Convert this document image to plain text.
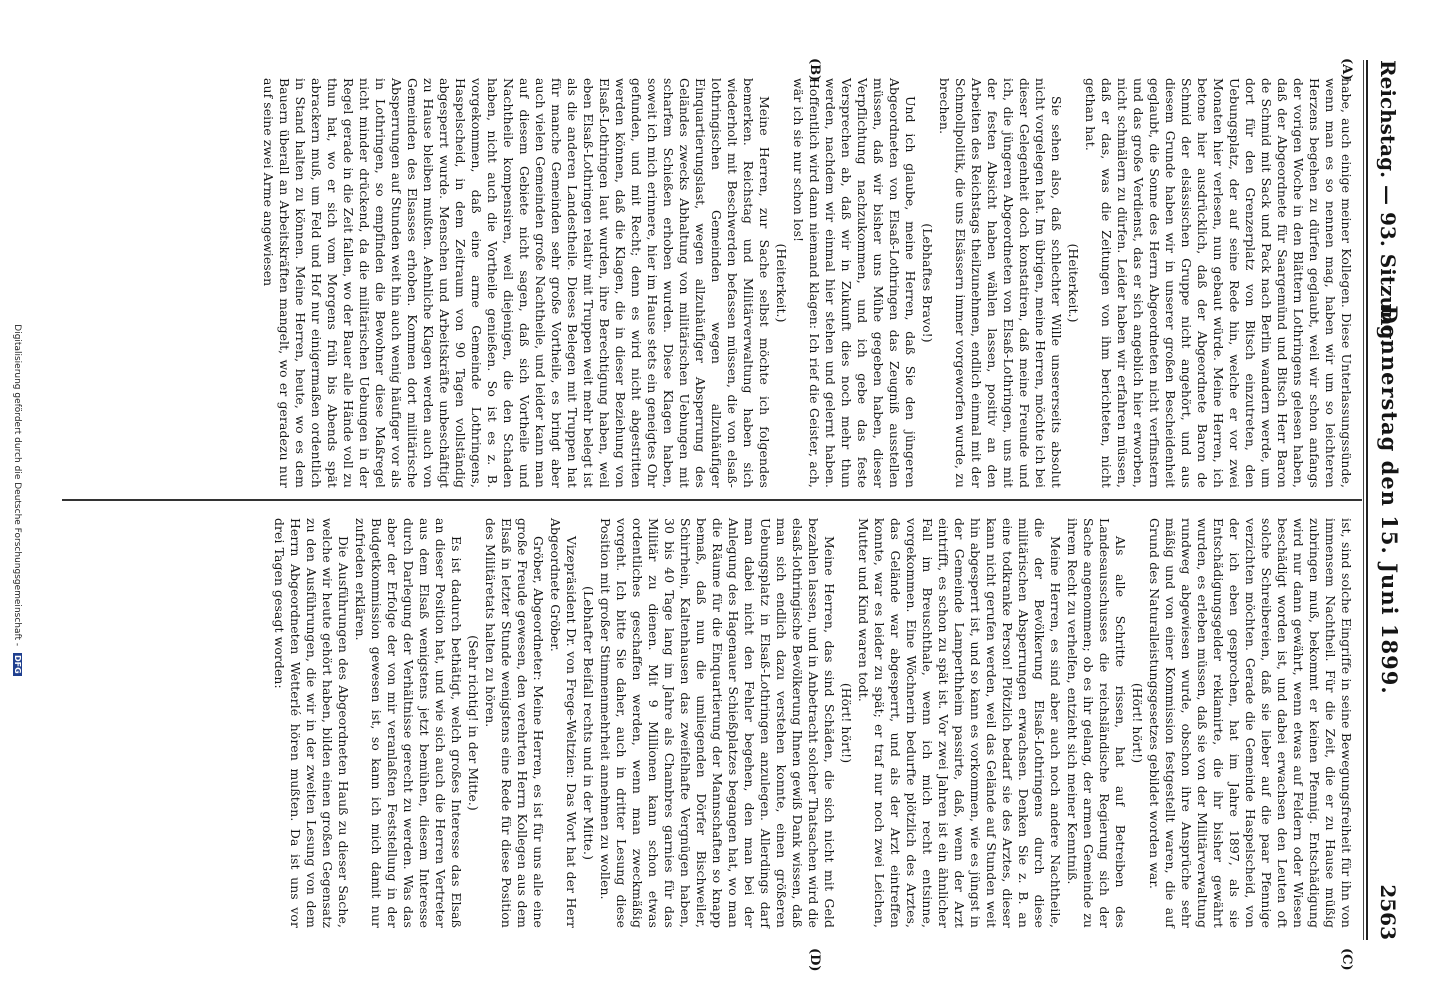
Reichstag. — 93. Sitzung.
Donnerstag den 15. Juni 1899.
2563
(A)
(B)
(C)
(D)

habe, auch einige meiner Kollegen. Diese Unterlassungssünde, wenn man es so nennen mag, haben wir um so leichteren Herzens begehen zu dürfen geglaubt, weil wir schon anfangs der vorigen Woche in den Blättern Lothringens gelesen haben, daß der Abgeordnete für Saargemünd und Bitsch Herr Baron de Schmid mit Sack und Pack nach Berlin wandern werde, um dort für den Grenzerplatz von Bitsch einzutreten, den Uebungsplatz, der auf seine Rede hin, welche er vor zwei Monaten hier verlesen, nun gebaut würde. Meine Herren, ich betone hier ausdrücklich, daß der Abgeordnete Baron de Schmid der elsässischen Gruppe nicht angehört, und aus diesem Grunde haben wir in unserer großen Bescheidenheit geglaubt, die Sonne des Herrn Abgeordneten nicht verfinstern und das große Verdienst, das er sich angeblich hier erworben, nicht schmälern zu dürfen. Leider haben wir erfahren müssen, daß er das, was die Zeitungen von ihm berichteten, nicht gethan hat.

(Heiterkeit.)

Sie sehen also, daß schlechter Wille unsererseits absolut nicht vorgelegen hat. Im übrigen, meine Herren, möchte ich bei dieser Gelegenheit doch konstatiren, daß meine Freunde und ich, die jüngeren Abgeordneten von Elsaß-Lothringen, uns mit der festen Absicht haben wählen lassen, positiv an den Arbeiten des Reichstags theilzunehmen, endlich einmal mit der Schmollpolitik, die uns Elsässern immer vorgeworfen wurde, zu brechen.

(Lebhaftes Bravo!)

Und ich glaube, meine Herren, daß Sie den jüngeren Abgeordneten von Elsaß-Lothringen das Zeugniß ausstellen müssen, daß wir bisher uns Mühe gegeben haben, dieser Verpflichtung nachzukommen, und ich gebe das feste Versprechen ab, daß wir in Zukunft dies noch mehr thun werden, nachdem wir einmal hier stehen und gelernt haben. Hoffentlich wird dann niemand klagen: Ich rief die Geister, ach, wär ich sie nur schon los!

(Heiterkeit.)

Meine Herren, zur Sache selbst möchte ich folgendes bemerken. Reichstag und Militärverwaltung haben sich wiederholt mit Beschwerden befassen müssen, die von elsaß-lothringischen Gemeinden wegen allzuhäufiger Einquartierungslast, wegen allzuhäufiger Absperrung des Geländes zwecks Abhaltung von militärischen Uebungen mit scharfem Schießen erhoben wurden. Diese Klagen haben, soweit ich mich erinnere, hier im Hause stets ein geneigtes Ohr gefunden, und mit Recht; denn es wird nicht abgestritten werden können, daß die Klagen, die in dieser Beziehung von Elsaß-Lothringen laut wurden, ihre Berechtigung haben, weil eben Elsaß-Lothringen relativ mit Truppen weit mehr belegt ist als die anderen Landestheile. Dieses Belegen mit Truppen hat für manche Gemeinden sehr große Vortheile, es bringt aber auch vielen Gemeinden große Nachtheile, und leider kann man auf diesem Gebiete nicht sagen, daß sich Vortheile und Nachtheile kompensiren, weil diejenigen, die den Schaden haben, nicht auch die Vortheile genießen. So ist es z. B. vorgekommen, daß eine arme Gemeinde Lothringens, Haspelscheid, in dem Zeitraum von 90 Tagen vollständig abgesperrt wurde. Menschen und Arbeitskräfte unbeschäftigt zu Hause bleiben mußten. Aehnliche Klagen werden auch von Gemeinden des Elsasses erhoben. Kommen dort militärische Absperrungen auf Stunden weit hin auch wenig häufiger vor als in Lothringen, so empfinden die Bewohner diese Maßregel nicht minder drückend, da die militärischen Uebungen in der Regel gerade in die Zeit fallen, wo der Bauer alle Hände voll zu thun hat, wo er sich vom Morgens früh bis Abends spät abrackern muß, um Feld und Hof nur einigermaßen ordentlich in Stand halten zu können. Meine Herren, heute, wo es dem Bauern überall an Arbeitskräften mangelt, wo er geradezu nur auf seine zwei Arme angewiesen

ist, sind solche Eingriffe in seine Bewegungsfreiheit für ihn von immensem Nachtheil. Für die Zeit, die er zu Hause müßig zubringen muß, bekommt er keinen Pfennig. Entschädigung wird nur dann gewährt, wenn etwas auf Feldern oder Wiesen beschädigt worden ist, und dabei erwachsen den Leuten oft solche Schreibereien, daß sie lieber auf die paar Pfennige verzichten möchten. Gerade die Gemeinde Haspelscheid, von der ich eben gesprochen, hat im Jahre 1897, als sie Entschädigungsgelder reklamirte, die ihr bisher gewährt wurden, es erleben müssen, daß sie von der Militärverwaltung rundweg abgewiesen wurde, obschon ihre Ansprüche sehr mäßig und von einer Kommission festgestellt waren, die auf Grund des Naturalleistungsgesetzes gebildet worden war.

(Hört! hört!)

Als alle Schritte rissen, hat auf Betreiben des Landesausschusses die reichsländische Regierung sich der Sache angenommen; ob es ihr gelang, der armen Gemeinde zu ihrem Recht zu verhelfen, entzieht sich meiner Kenntniß.

Meine Herren, es sind aber auch noch andere Nachtheile, die der Bevölkerung Elsaß-Lothringens durch diese militärischen Absperrungen erwachsen. Denken Sie z. B. an eine todkranke Person! Plötzlich bedarf sie des Arztes, dieser kann nicht gerufen werden, weil das Gelände auf Stunden weit hin abgesperrt ist, und so kann es vorkommen, wie es jüngst in der Gemeinde Lamperthheim passirte, daß, wenn der Arzt eintrifft, es schon zu spät ist. Vor zwei Jahren ist ein ähnlicher Fall im Breuschthale, wenn ich mich recht entsinne, vorgekommen. Eine Wöchnerin bedurfte plötzlich des Arztes, das Gelände war abgesperrt, und als der Arzt eintreffen konnte, war es leider zu spät; er traf nur noch zwei Leichen, Mutter und Kind waren todt.

(Hört! hört!)

Meine Herren, das sind Schäden, die sich nicht mit Geld bezahlen lassen, und in Anbetracht solcher Thatsachen wird die elsaß-lothringische Bevölkerung Ihnen gewiß Dank wissen, daß man sich endlich dazu verstehen konnte, einen größeren Uebungsplatz in Elsaß-Lothringen anzulegen. Allerdings darf man dabei nicht den Fehler begehen, den man bei der Anlegung des Hagenauer Schießplatzes begangen hat, wo man die Räume für die Einquartierung der Mannschaften so knapp bemaß, daß nun die umliegenden Dörfer Bischweiler, Schirrhein, Kaltenhausen das zweifelhafte Vergnügen haben, 30 bis 40 Tage lang im Jahre als Chambres garnies für das Militär zu dienen. Mit 9 Millionen kann schon etwas ordentliches geschaffen werden, wenn man zweckmäßig vorgeht. Ich bitte Sie daher, auch in dritter Lesung diese Position mit großer Stimmenmehrheit annehmen zu wollen.

(Lebhafter Beifall rechts und in der Mitte.)

Vizepräsident Dr. von Frege-Weltzien: Das Wort hat der Herr Abgeordnete Gröber.

Gröber, Abgeordneter: Meine Herren, es ist für uns alle eine große Freude gewesen, den verehrten Herrn Kollegen aus dem Elsaß in letzter Stunde wenigstens eine Rede für diese Position des Militäretats halten zu hören.

(Sehr richtig! in der Mitte.)

Es ist dadurch bethätigt, welch großes Interesse das Elsaß an dieser Position hat, und wie sich auch die Herren Vertreter aus dem Elsaß wenigstens jetzt bemühen, diesem Interesse durch Darlegung der Verhältnisse gerecht zu werden. Was das aber der Erfolge der von mir veranlaßten Feststellung in der Budgetkommission gewesen ist, so kann ich mich damit nur zufrieden erklären.

Die Ausführungen des Abgeordneten Hauß zu dieser Sache, welche wir heute gehört haben, bilden einen großen Gegensatz zu den Ausführungen, die wir in der zweiten Lesung von dem Herrn Abgeordneten Wetterlé hören mußten. Da ist uns vor drei Tagen gesagt worden:

Digitalisierung gefördert durch die Deutsche Forschungsgemeinschaft - DFG
